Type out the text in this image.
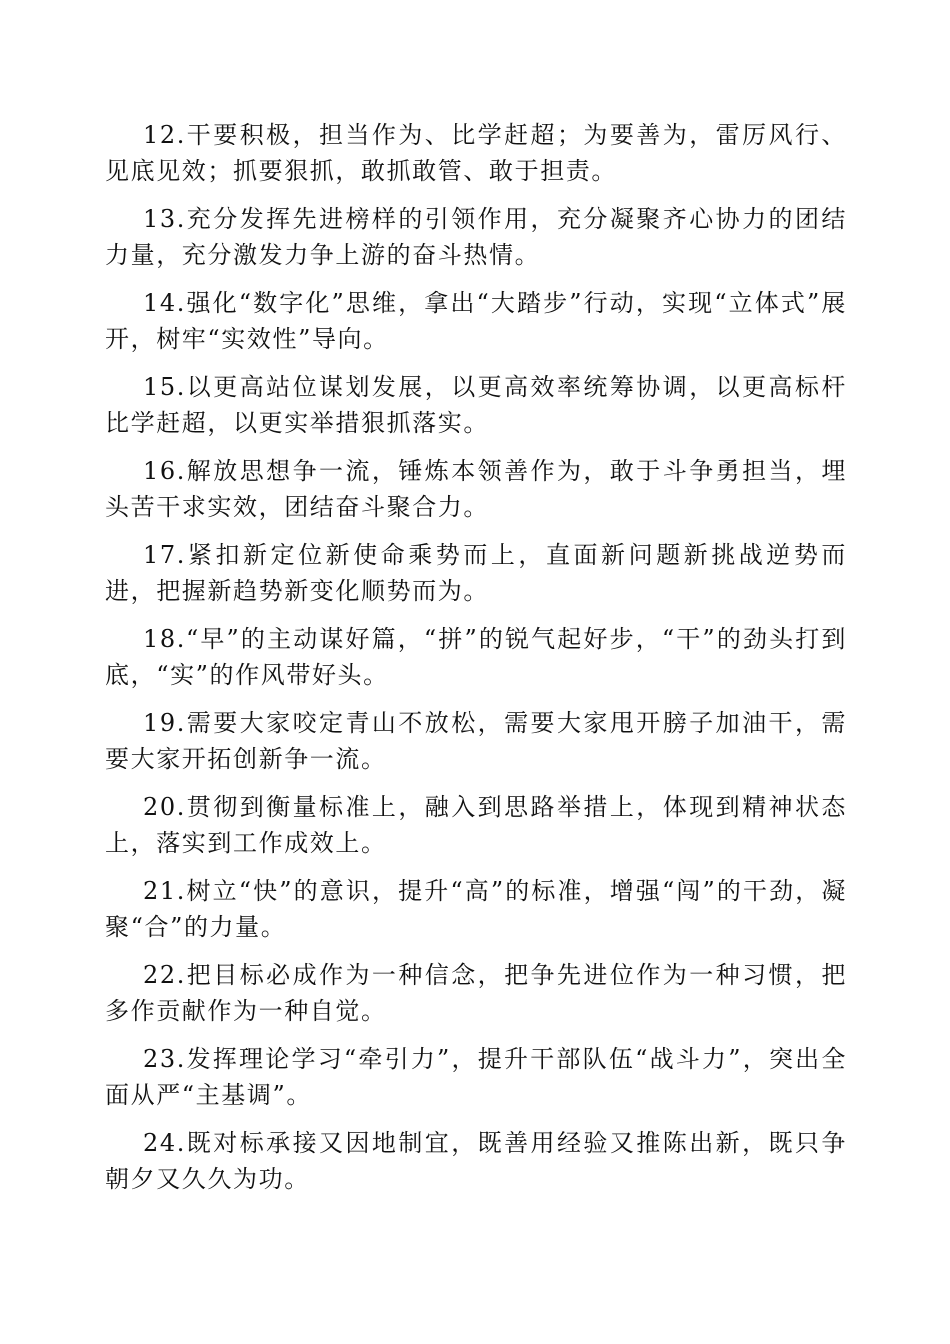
12.干要积极，担当作为、比学赶超；为要善为，雷厉风行、见底见效；抓要狠抓，敢抓敢管、敢于担责。

13.充分发挥先进榜样的引领作用，充分凝聚齐心协力的团结力量，充分激发力争上游的奋斗热情。

14.强化“数字化”思维，拿出“大踏步”行动，实现“立体式”展开，树牢“实效性”导向。

15.以更高站位谋划发展，以更高效率统筹协调，以更高标杆比学赶超，以更实举措狠抓落实。

16.解放思想争一流，锤炼本领善作为，敢于斗争勇担当，埋头苦干求实效，团结奋斗聚合力。

17.紧扣新定位新使命乘势而上，直面新问题新挑战逆势而进，把握新趋势新变化顺势而为。

18.“早”的主动谋好篇，“拼”的锐气起好步，“干”的劲头打到底，“实”的作风带好头。

19.需要大家咬定青山不放松，需要大家甩开膀子加油干，需要大家开拓创新争一流。

20.贯彻到衡量标准上，融入到思路举措上，体现到精神状态上，落实到工作成效上。

21.树立“快”的意识，提升“高”的标准，增强“闯”的干劲，凝聚“合”的力量。

22.把目标必成作为一种信念，把争先进位作为一种习惯，把多作贡献作为一种自觉。

23.发挥理论学习“牵引力”，提升干部队伍“战斗力”，突出全面从严“主基调”。

24.既对标承接又因地制宜，既善用经验又推陈出新，既只争朝夕又久久为功。
